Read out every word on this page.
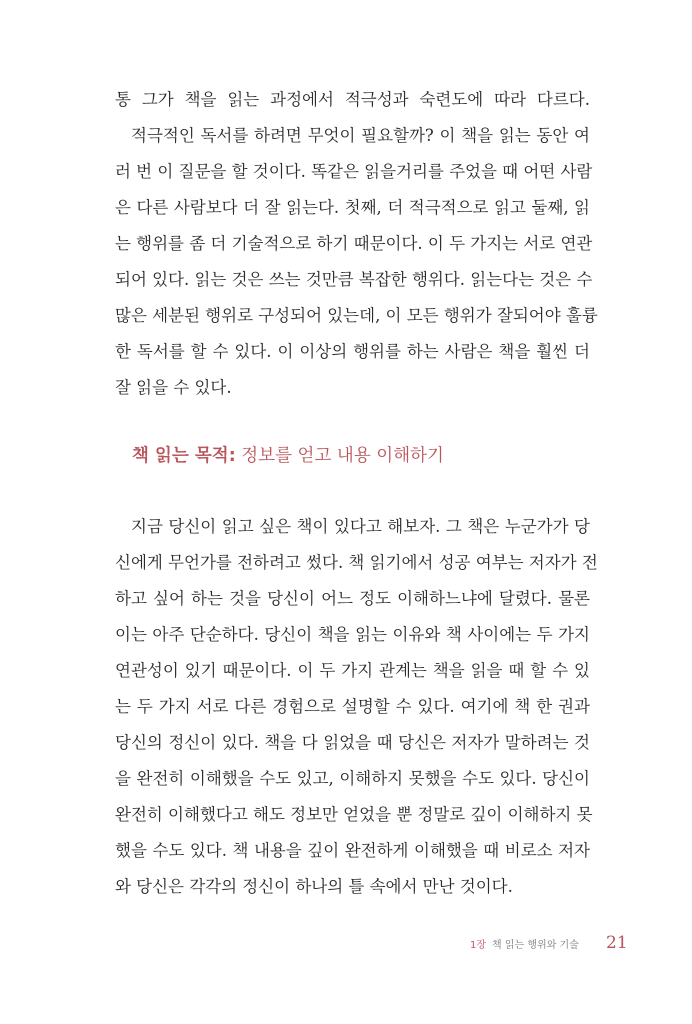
통 그가 책을 읽는 과정에서 적극성과 숙련도에 따라 다르다.
적극적인 독서를 하려면 무엇이 필요할까? 이 책을 읽는 동안 여
러 번 이 질문을 할 것이다. 똑같은 읽을거리를 주었을 때 어떤 사람
은 다른 사람보다 더 잘 읽는다. 첫째, 더 적극적으로 읽고 둘째, 읽
는 행위를 좀 더 기술적으로 하기 때문이다. 이 두 가지는 서로 연관
되어 있다. 읽는 것은 쓰는 것만큼 복잡한 행위다. 읽는다는 것은 수
많은 세분된 행위로 구성되어 있는데, 이 모든 행위가 잘되어야 훌륭
한 독서를 할 수 있다. 이 이상의 행위를 하는 사람은 책을 훨씬 더
잘 읽을 수 있다.
책 읽는 목적: 정보를 얻고 내용 이해하기
지금 당신이 읽고 싶은 책이 있다고 해보자. 그 책은 누군가가 당
신에게 무언가를 전하려고 썼다. 책 읽기에서 성공 여부는 저자가 전
하고 싶어 하는 것을 당신이 어느 정도 이해하느냐에 달렸다. 물론
이는 아주 단순하다. 당신이 책을 읽는 이유와 책 사이에는 두 가지
연관성이 있기 때문이다. 이 두 가지 관계는 책을 읽을 때 할 수 있
는 두 가지 서로 다른 경험으로 설명할 수 있다. 여기에 책 한 권과
당신의 정신이 있다. 책을 다 읽었을 때 당신은 저자가 말하려는 것
을 완전히 이해했을 수도 있고, 이해하지 못했을 수도 있다. 당신이
완전히 이해했다고 해도 정보만 얻었을 뿐 정말로 깊이 이해하지 못
했을 수도 있다. 책 내용을 깊이 완전하게 이해했을 때 비로소 저자
와 당신은 각각의 정신이 하나의 틀 속에서 만난 것이다.
1장 책 읽는 행위와 기술 21
